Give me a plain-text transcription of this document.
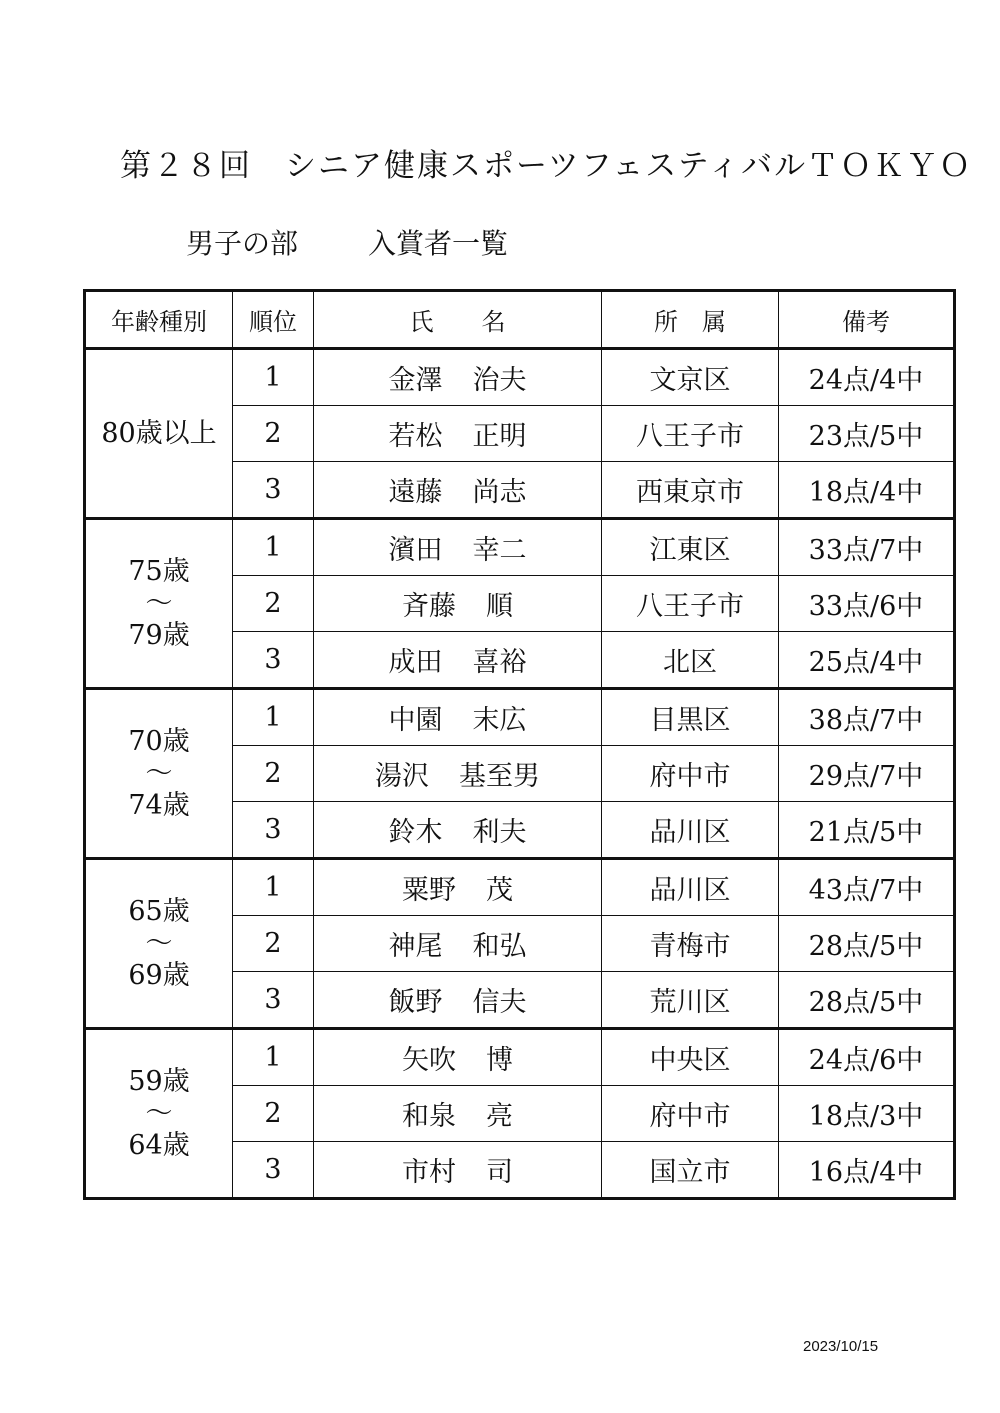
第２８回　シニア健康スポーツフェスティバルＴＯＫＹＯ
男子の部	入賞者一覧
年齢種別	順位	氏　　名	所　属	備考

80歳以上	1	金澤 治夫	文京区	24点/4中
	2	若松 正明	八王子市	23点/5中
	3	遠藤 尚志	西東京市	18点/4中

75歳
～
79歳	1	濱田 幸二	江東区	33点/7中
	2	斉藤 順	八王子市	33点/6中
	3	成田 喜裕	北区	25点/4中

70歳
～
74歳	1	中園 末広	目黒区	38点/7中
	2	湯沢 基至男	府中市	29点/7中
	3	鈴木 利夫	品川区	21点/5中

65歳
～
69歳	1	粟野 茂	品川区	43点/7中
	2	神尾 和弘	青梅市	28点/5中
	3	飯野 信夫	荒川区	28点/5中

59歳
～
64歳	1	矢吹 博	中央区	24点/6中
	2	和泉 亮	府中市	18点/3中
	3	市村 司	国立市	16点/4中
2023/10/15
